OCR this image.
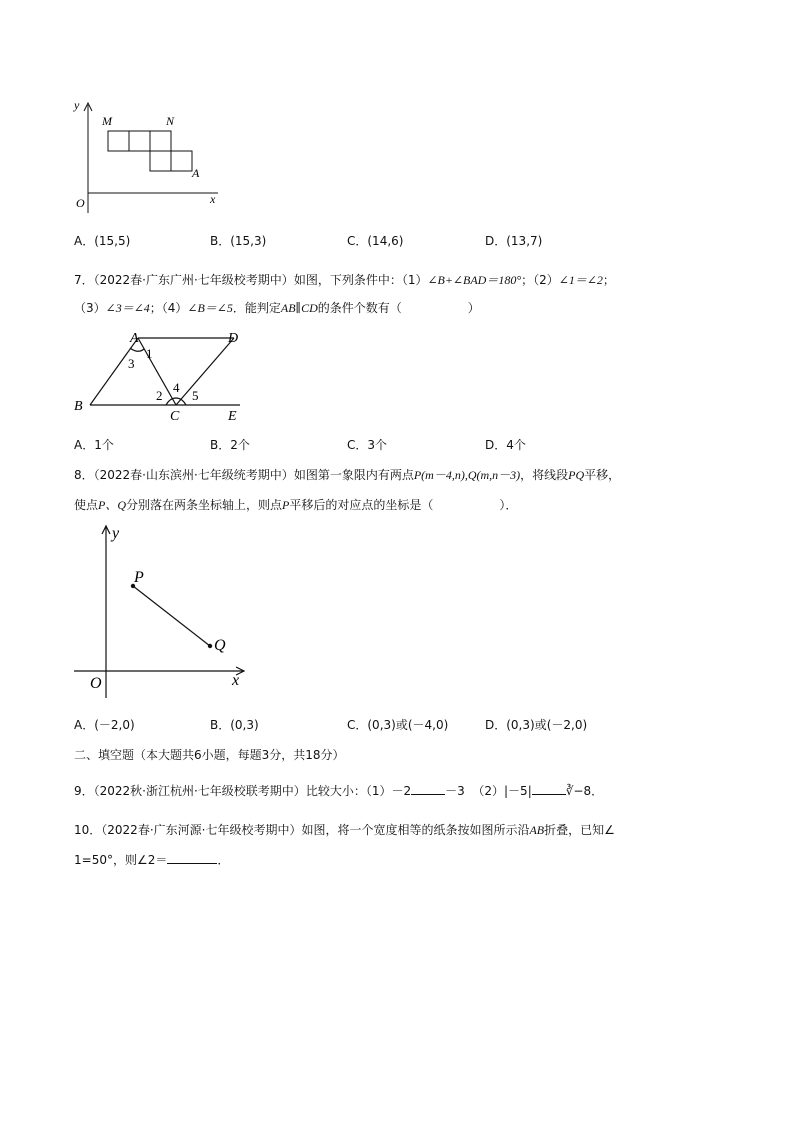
y
x
O
M	N
A
A．(15,5)	B．(15,3)	C．(14,6)	D．(13,7)
7．（2022春·广东广州·七年级校考期中）如图，下列条件中：（1）∠B+∠BAD＝180°；（2）∠1＝∠2；
（3）∠3＝∠4；（4）∠B＝∠5．能判定AB∥CD的条件个数有（	）
A	D
B
C	E
1
3
2
4
5
A．1个	B．2个	C．3个	D．4个
8．（2022春·山东滨州·七年级统考期中）如图第一象限内有两点P(m－4,n),Q(m,n－3)，将线段PQ平移，
使点P、Q分别落在两条坐标轴上，则点P平移后的对应点的坐标是（	）．
y
x
O
P
Q
A．(－2,0)	B．(0,3)	C．(0,3)或(－4,0)	D．(0,3)或(－2,0)
二、填空题（本大题共6小题，每题3分，共18分）
9．（2022秋·浙江杭州·七年级校联考期中）比较大小：（1）－2	－3 （2）|－5|	∛−8．
10．（2022春·广东河源·七年级校考期中）如图，将一个宽度相等的纸条按如图所示沿AB折叠，已知∠
1=50°，则∠2＝	．
